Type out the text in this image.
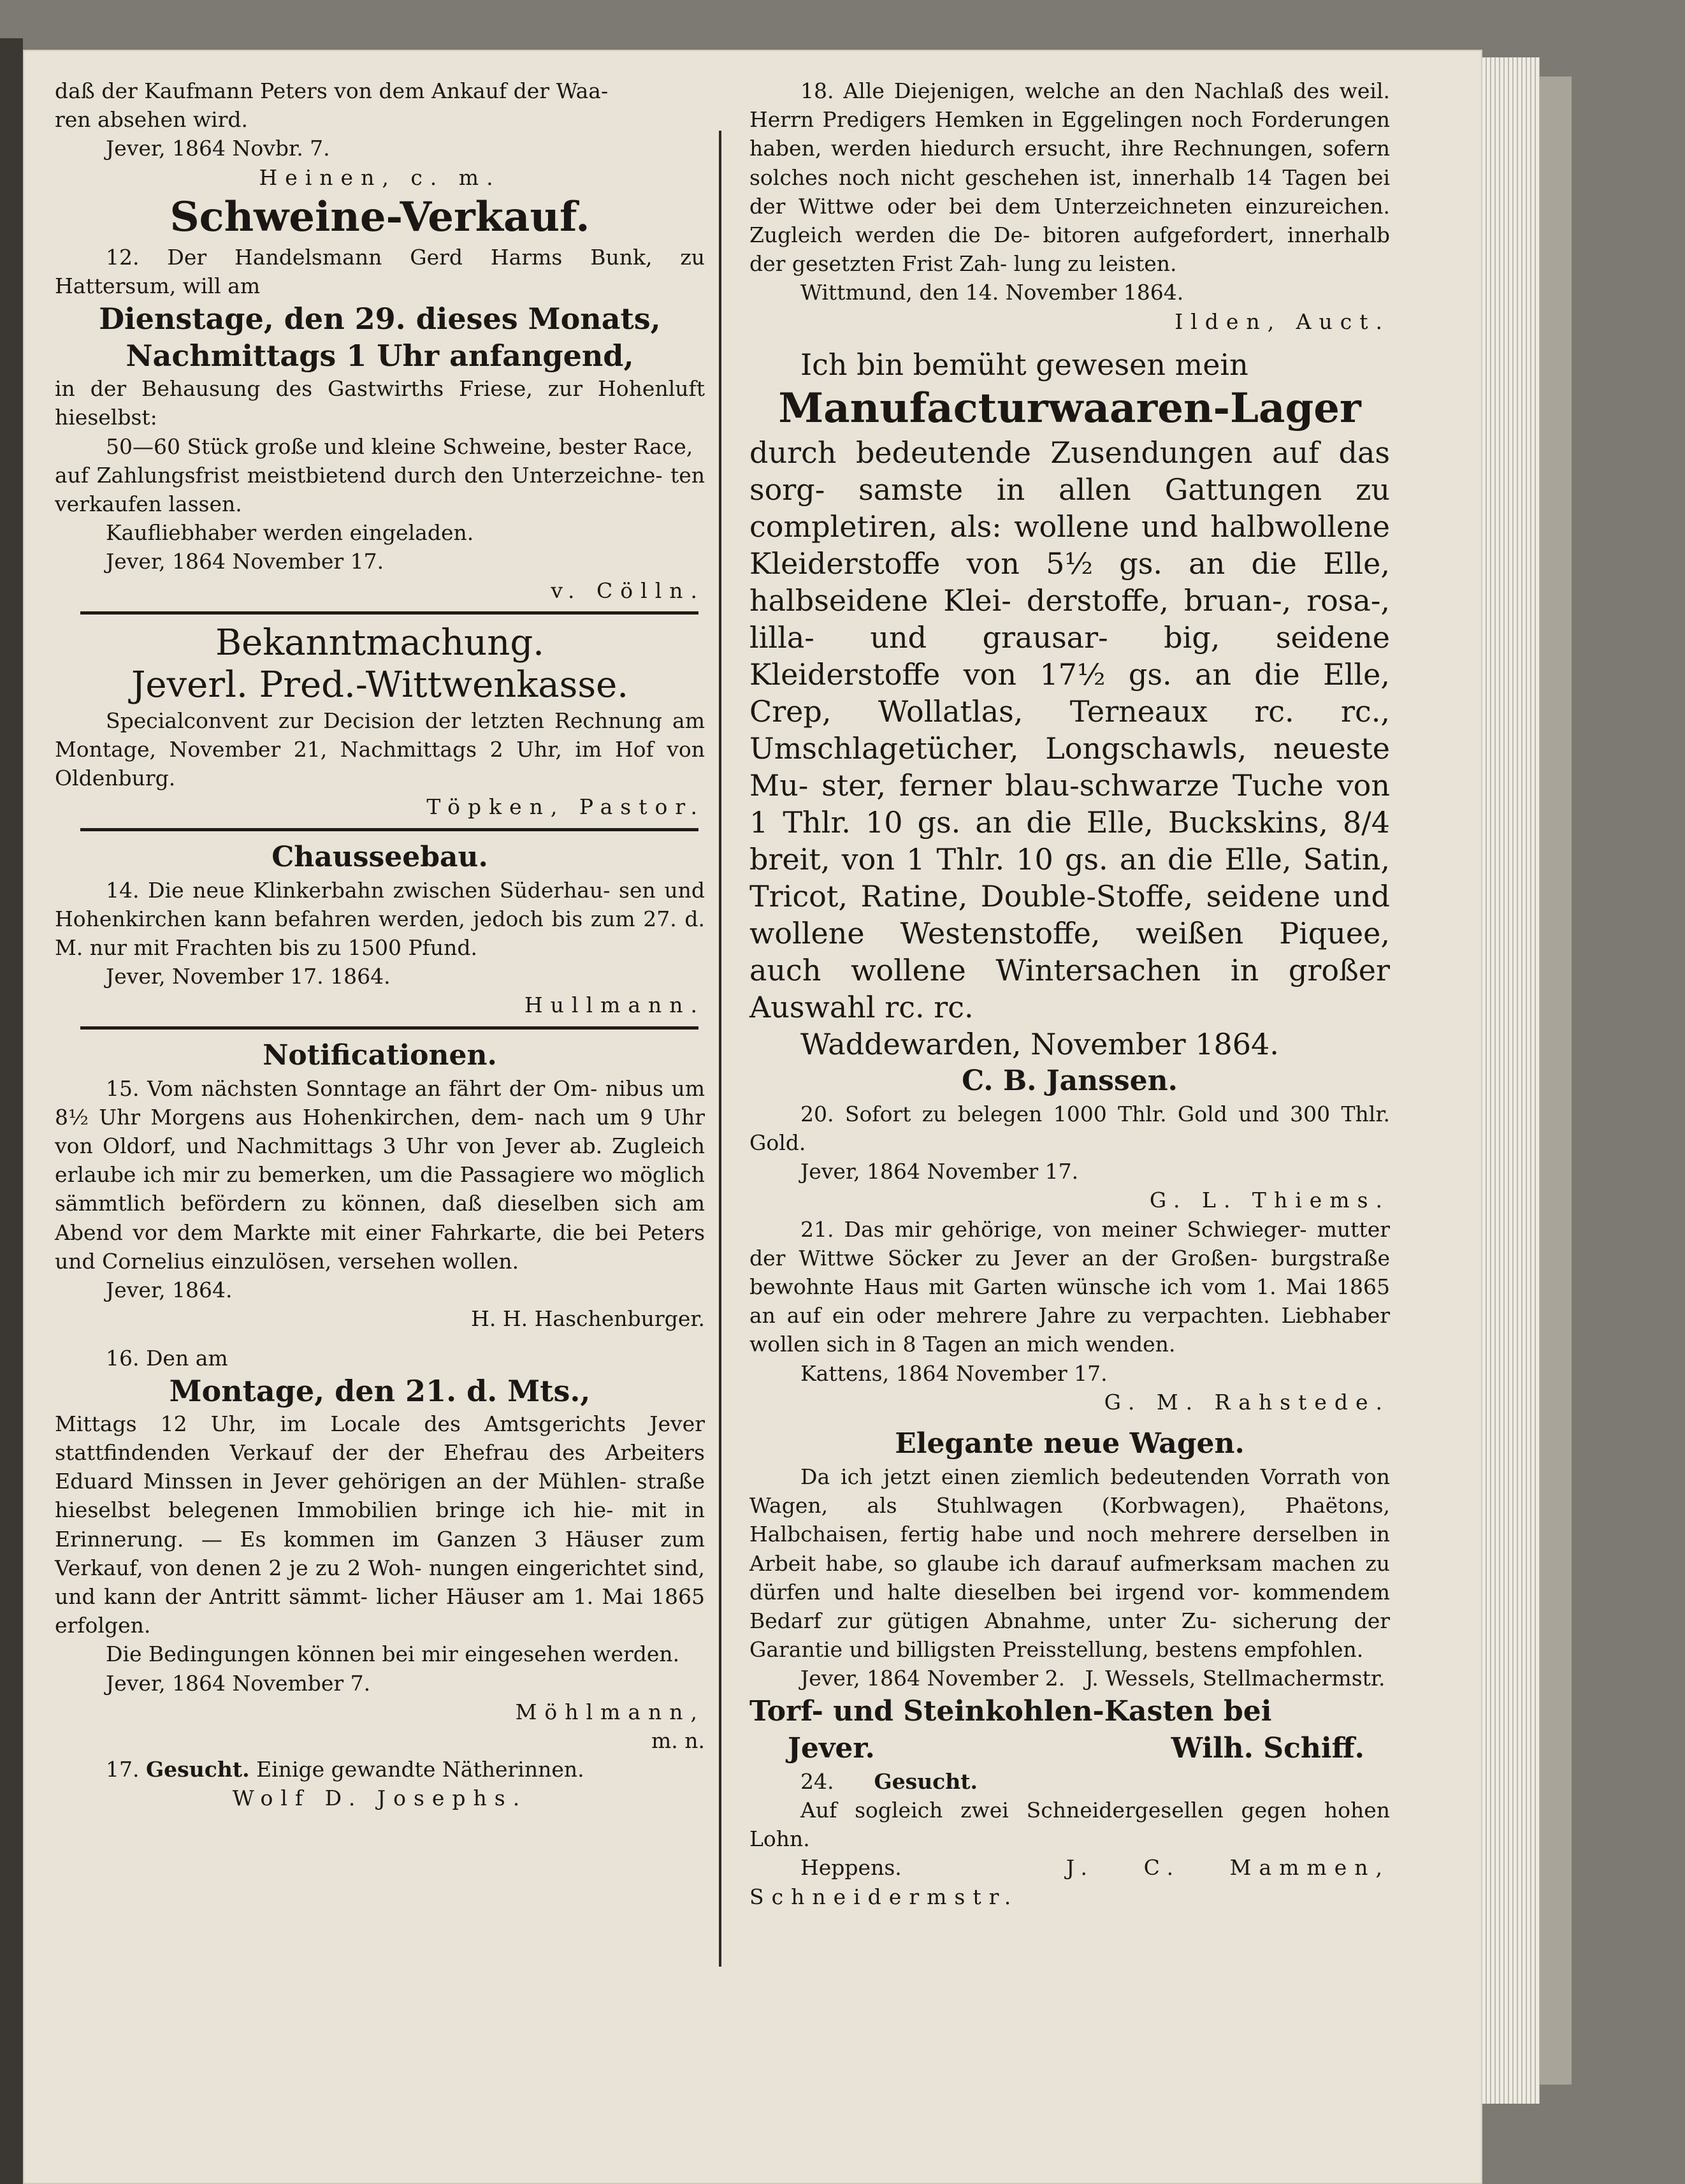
daß der Kaufmann Peters von dem Ankauf der Waa-

ren absehen wird.

Jever, 1864 Novbr. 7.

Heinen, c. m.

Schweine-Verkauf.

12. Der Handelsmann Gerd Harms Bunk, zu Hattersum, will am

Dienstage, den 29. dieses Monats,

Nachmittags 1 Uhr anfangend,

in der Behausung des Gastwirths Friese, zur Hohenluft hieselbst:

50—60 Stück große und kleine Schweine, bester Race,

auf Zahlungsfrist meistbietend durch den Unterzeichne- ten verkaufen lassen.

Kaufliebhaber werden eingeladen.

Jever, 1864 November 17.

v. Cölln.

Bekanntmachung.

Jeverl. Pred.-Wittwenkasse.

Specialconvent zur Decision der letzten Rechnung am Montage, November 21, Nachmittags 2 Uhr, im Hof von Oldenburg.

Töpken, Pastor.

Chausseebau.

14. Die neue Klinkerbahn zwischen Süderhau- sen und Hohenkirchen kann befahren werden, jedoch bis zum 27. d. M. nur mit Frachten bis zu 1500 Pfund.

Jever, November 17. 1864.

Hullmann.

Notificationen.

15. Vom nächsten Sonntage an fährt der Om- nibus um 8½ Uhr Morgens aus Hohenkirchen, dem- nach um 9 Uhr von Oldorf, und Nachmittags 3 Uhr von Jever ab. Zugleich erlaube ich mir zu bemerken, um die Passagiere wo möglich sämmtlich befördern zu können, daß dieselben sich am Abend vor dem Markte mit einer Fahrkarte, die bei Peters und Cornelius einzulösen, versehen wollen.

Jever, 1864.

H. H. Haschenburger.

16. Den am

Montage, den 21. d. Mts.,

Mittags 12 Uhr, im Locale des Amtsgerichts Jever stattfindenden Verkauf der der Ehefrau des Arbeiters Eduard Minssen in Jever gehörigen an der Mühlen- straße hieselbst belegenen Immobilien bringe ich hie- mit in Erinnerung. — Es kommen im Ganzen 3 Häuser zum Verkauf, von denen 2 je zu 2 Woh- nungen eingerichtet sind, und kann der Antritt sämmt- licher Häuser am 1. Mai 1865 erfolgen.

Die Bedingungen können bei mir eingesehen werden.

Jever, 1864 November 7.

Möhlmann,

m. n.

17. Gesucht. Einige gewandte Nätherinnen.

Wolf D. Josephs.

18. Alle Diejenigen, welche an den Nachlaß des weil. Herrn Predigers Hemken in Eggelingen noch Forderungen haben, werden hiedurch ersucht, ihre Rechnungen, sofern solches noch nicht geschehen ist, innerhalb 14 Tagen bei der Wittwe oder bei dem Unterzeichneten einzureichen. Zugleich werden die De- bitoren aufgefordert, innerhalb der gesetzten Frist Zah- lung zu leisten.

Wittmund, den 14. November 1864.

Ilden, Auct.

Ich bin bemüht gewesen mein

Manufacturwaaren-Lager

durch bedeutende Zusendungen auf das sorg- samste in allen Gattungen zu completiren, als: wollene und halbwollene Kleiderstoffe von 5½ gs. an die Elle, halbseidene Klei- derstoffe, bruan-, rosa-, lilla- und grausar- big, seidene Kleiderstoffe von 17½ gs. an die Elle, Crep, Wollatlas, Terneaux rc. rc., Umschlagetücher, Longschawls, neueste Mu- ster, ferner blau-schwarze Tuche von 1 Thlr. 10 gs. an die Elle, Buckskins, 8/4 breit, von 1 Thlr. 10 gs. an die Elle, Satin, Tricot, Ratine, Double-Stoffe, seidene und wollene Westenstoffe, weißen Piquee, auch wollene Wintersachen in großer Auswahl rc. rc.

Waddewarden, November 1864.

C. B. Janssen.

20. Sofort zu belegen 1000 Thlr. Gold und 300 Thlr. Gold.

Jever, 1864 November 17.

G. L. Thiems.

21. Das mir gehörige, von meiner Schwieger- mutter der Wittwe Söcker zu Jever an der Großen- burgstraße bewohnte Haus mit Garten wünsche ich vom 1. Mai 1865 an auf ein oder mehrere Jahre zu verpachten. Liebhaber wollen sich in 8 Tagen an mich wenden.

Kattens, 1864 November 17.

G. M. Rahstede.

Elegante neue Wagen.

Da ich jetzt einen ziemlich bedeutenden Vorrath von Wagen, als Stuhlwagen (Korbwagen), Phaëtons, Halbchaisen, fertig habe und noch mehrere derselben in Arbeit habe, so glaube ich darauf aufmerksam machen zu dürfen und halte dieselben bei irgend vor- kommendem Bedarf zur gütigen Abnahme, unter Zu- sicherung der Garantie und billigsten Preisstellung, bestens empfohlen.

Jever, 1864 November 2. J. Wessels, Stellmachermstr.

Torf- und Steinkohlen-Kasten bei

Jever.	Wilh. Schiff.

24. Gesucht.

Auf sogleich zwei Schneidergesellen gegen hohen Lohn.

Heppens.	J. C. Mammen, Schneidermstr.
